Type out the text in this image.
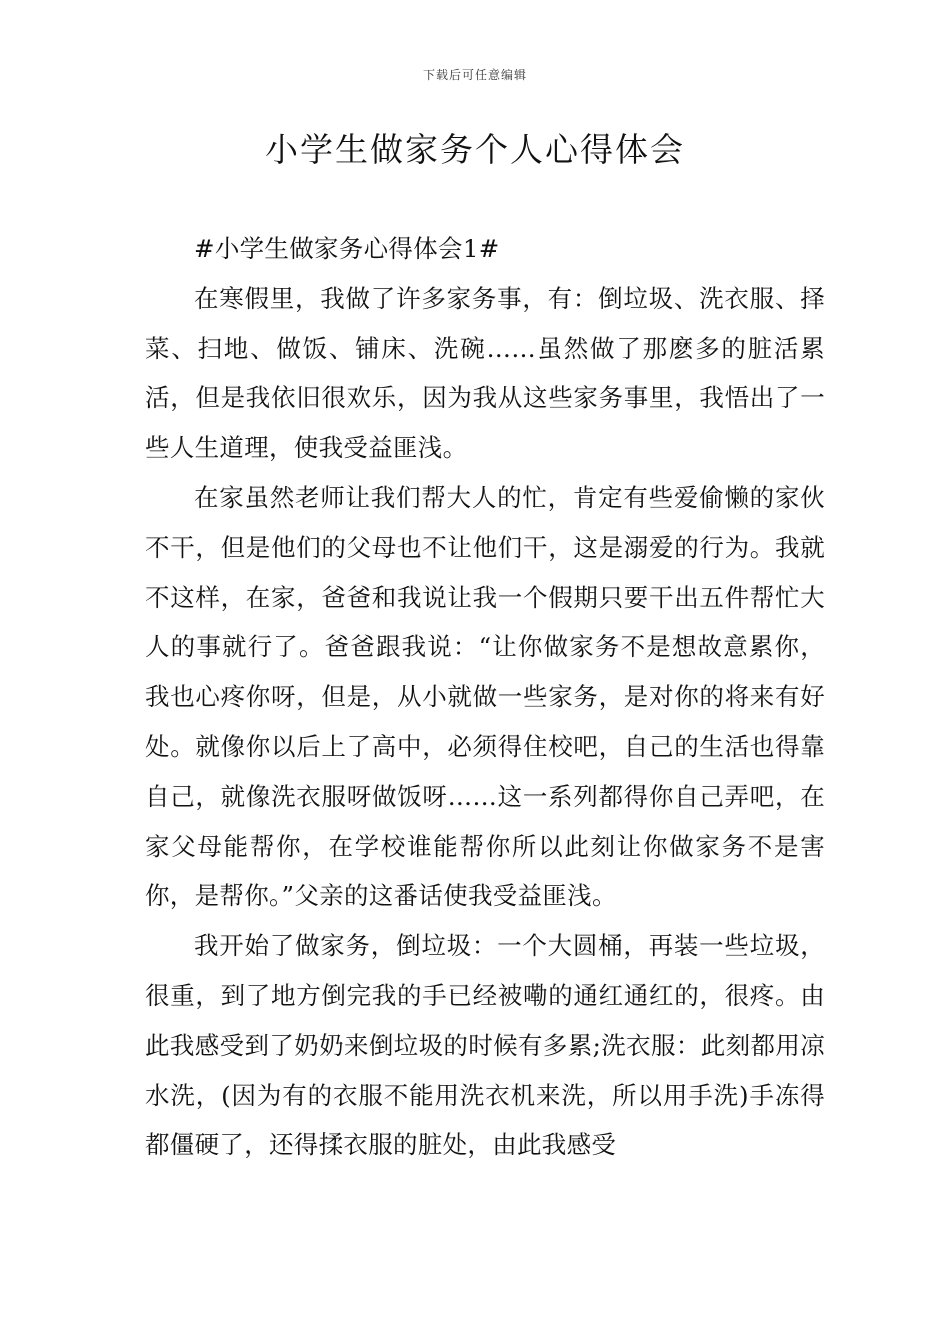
下载后可任意编辑
小学生做家务个人心得体会

#小学生做家务心得体会1#

在寒假里，我做了许多家务事，有：倒垃圾、洗衣服、择菜、扫地、做饭、铺床、洗碗……虽然做了那麽多的脏活累活，但是我依旧很欢乐，因为我从这些家务事里，我悟出了一些人生道理，使我受益匪浅。

在家虽然老师让我们帮大人的忙，肯定有些爱偷懒的家伙不干，但是他们的父母也不让他们干，这是溺爱的行为。我就不这样，在家，爸爸和我说让我一个假期只要干出五件帮忙大人的事就行了。爸爸跟我说：“让你做家务不是想故意累你，我也心疼你呀，但是，从小就做一些家务，是对你的将来有好处。就像你以后上了高中，必须得住校吧，自己的生活也得靠自己，就像洗衣服呀做饭呀……这一系列都得你自己弄吧，在家父母能帮你，在学校谁能帮你所以此刻让你做家务不是害你，是帮你。”父亲的这番话使我受益匪浅。

我开始了做家务，倒垃圾：一个大圆桶，再装一些垃圾，很重，到了地方倒完我的手已经被嘞的通红通红的，很疼。由此我感受到了奶奶来倒垃圾的时候有多累;洗衣服：此刻都用凉水洗，(因为有的衣服不能用洗衣机来洗，所以用手洗)手冻得都僵硬了，还得揉衣服的脏处，由此我感受
